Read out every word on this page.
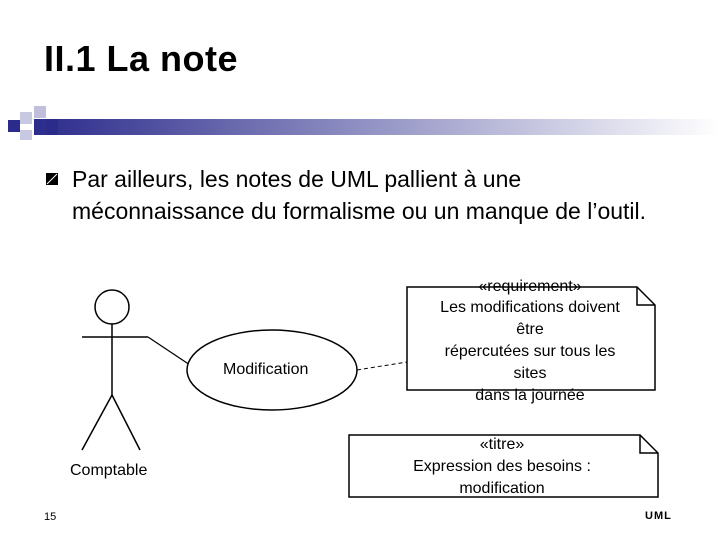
II.1 La note
Par ailleurs, les notes de UML pallient à une méconnaissance du formalisme ou un manque de l’outil.
Comptable
Modification
«requirement»
Les modifications doivent
être
répercutées sur tous les
sites
dans la journée
«titre»
Expression des besoins :
modification
15	UML
